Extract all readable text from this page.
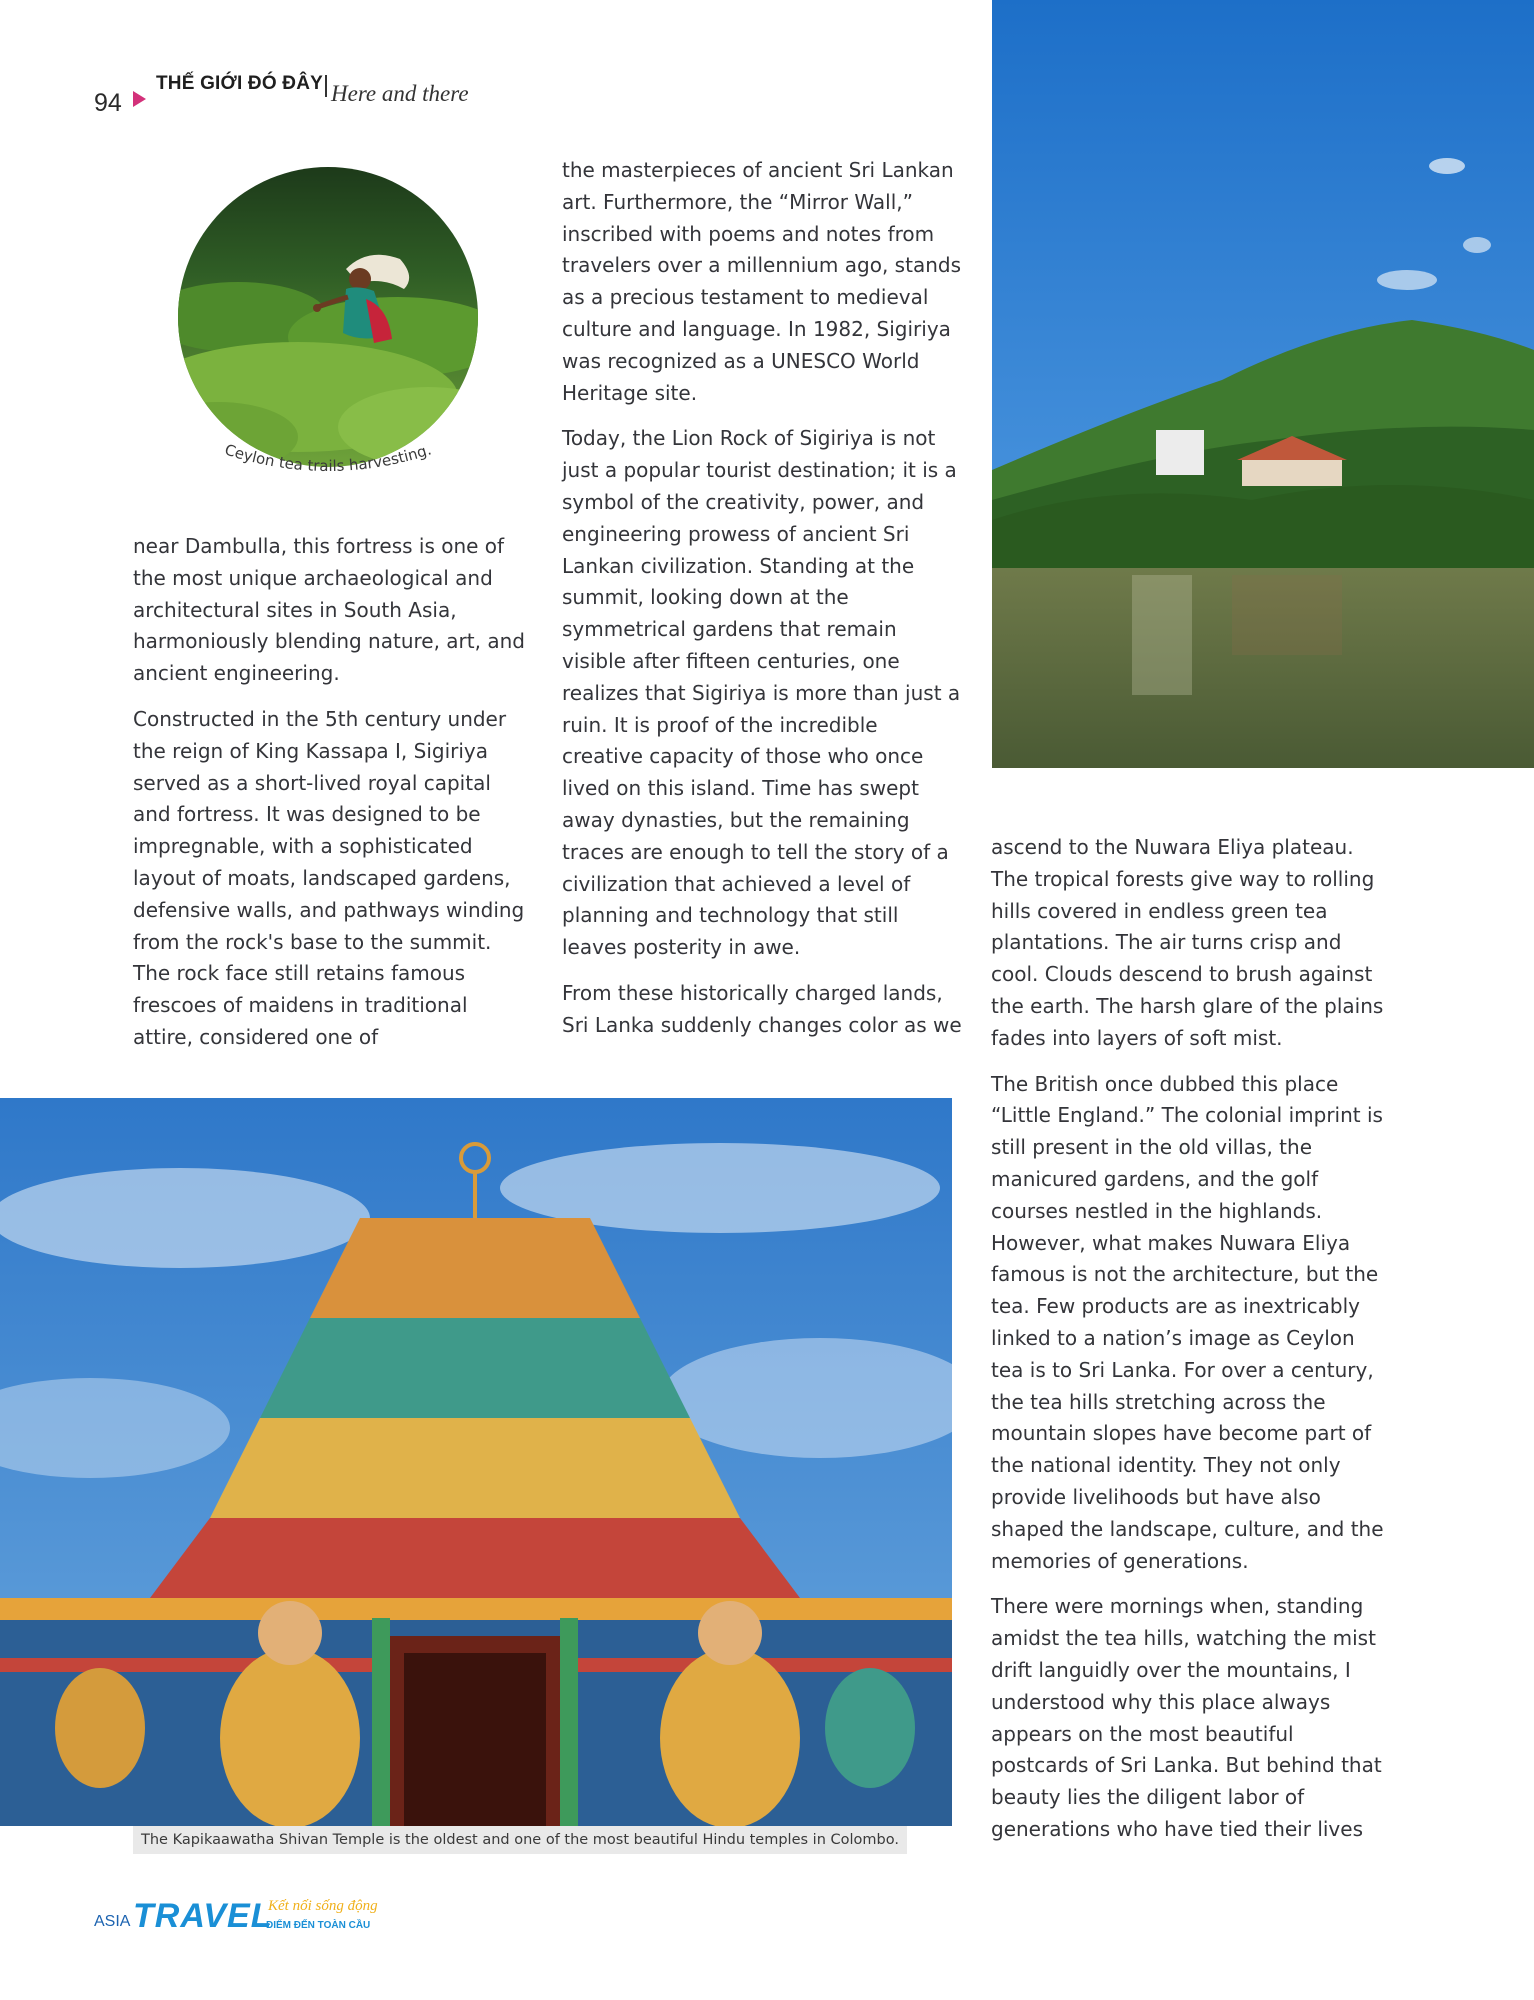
94
THẾ GIỚI ĐÓ ĐÂY Here and there
Ceylon tea trails harvesting.

near Dambulla, this fortress is one of the most unique archaeological and architectural sites in South Asia, harmoniously blending nature, art, and ancient engineering.

Constructed in the 5th century under the reign of King Kassapa I, Sigiriya served as a short-lived royal capital and fortress. It was designed to be impregnable, with a sophisticated layout of moats, landscaped gardens, defensive walls, and pathways winding from the rock's base to the summit. The rock face still retains famous frescoes of maidens in traditional attire, considered one of

the masterpieces of ancient Sri Lankan art. Furthermore, the “Mirror Wall,” inscribed with poems and notes from travelers over a millennium ago, stands as a precious testament to medieval culture and language. In 1982, Sigiriya was recognized as a UNESCO World Heritage site.

Today, the Lion Rock of Sigiriya is not just a popular tourist destination; it is a symbol of the creativity, power, and engineering prowess of ancient Sri Lankan civilization. Standing at the summit, looking down at the symmetrical gardens that remain visible after fifteen centuries, one realizes that Sigiriya is more than just a ruin. It is proof of the incredible creative capacity of those who once lived on this island. Time has swept away dynasties, but the remaining traces are enough to tell the story of a civilization that achieved a level of planning and technology that still leaves posterity in awe.

From these historically charged lands, Sri Lanka suddenly changes color as we

ascend to the Nuwara Eliya plateau. The tropical forests give way to rolling hills covered in endless green tea plantations. The air turns crisp and cool. Clouds descend to brush against the earth. The harsh glare of the plains fades into layers of soft mist.

The British once dubbed this place “Little England.” The colonial imprint is still present in the old villas, the manicured gardens, and the golf courses nestled in the highlands. However, what makes Nuwara Eliya famous is not the architecture, but the tea. Few products are as inextricably linked to a nation’s image as Ceylon tea is to Sri Lanka. For over a century, the tea hills stretching across the mountain slopes have become part of the national identity. They not only provide livelihoods but have also shaped the landscape, culture, and the memories of generations.

There were mornings when, standing amidst the tea hills, watching the mist drift languidly over the mountains, I understood why this place always appears on the most beautiful postcards of Sri Lanka. But behind that beauty lies the diligent labor of generations who have tied their lives

The Kapikaawatha Shivan Temple is the oldest and one of the most beautiful Hindu temples in Colombo.
ASIA TRAVEL
Kết nối sống động
ĐIỂM ĐẾN TOÀN CẦU
